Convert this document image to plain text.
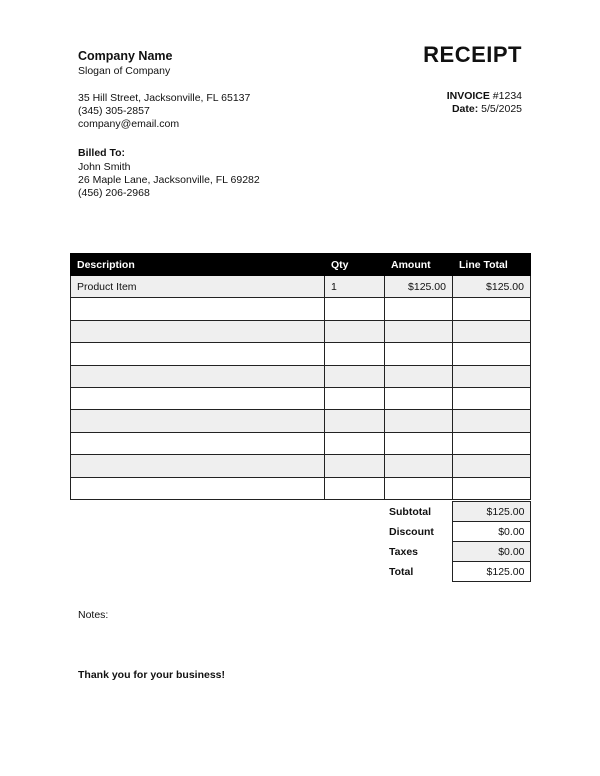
Company Name
Slogan of Company
35 Hill Street, Jacksonville, FL 65137
(345) 305-2857
company@email.com
RECEIPT
INVOICE #1234
Date: 5/5/2025
Billed To:
John Smith
26 Maple Lane, Jacksonville, FL 69282
(456) 206-2968
Description	Qty	Amount	Line Total
Product Item	1	$125.00	$125.00

Subtotal	$125.00
Discount	$0.00
Taxes	$0.00
Total	$125.00
Notes:
Thank you for your business!
